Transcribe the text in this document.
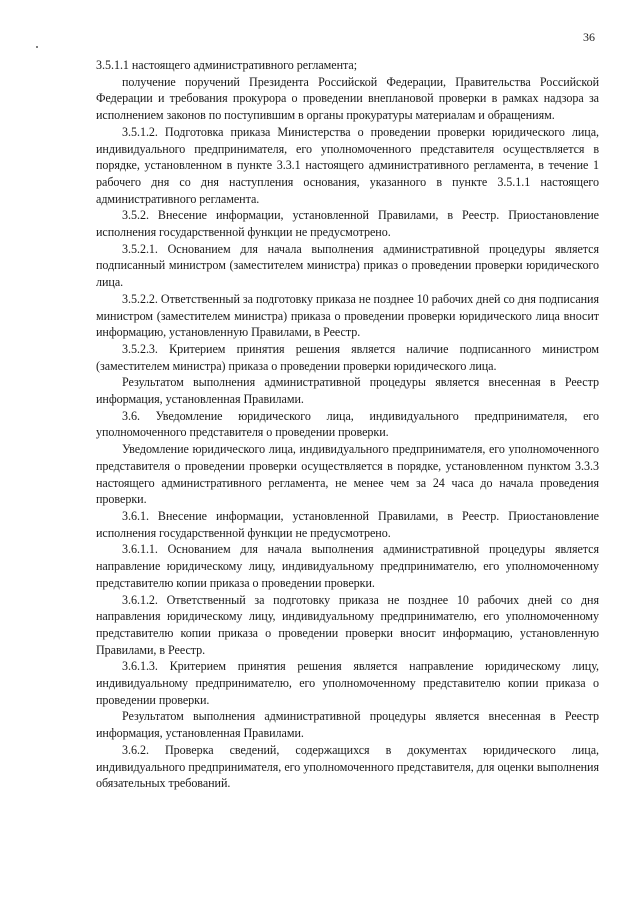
36

3.5.1.1 настоящего административного регламента;

получение поручений Президента Российской Федерации, Правительства Российской Федерации и требования прокурора о проведении внеплановой проверки в рамках надзора за исполнением законов по поступившим в органы прокуратуры материалам и обращениям.

3.5.1.2. Подготовка приказа Министерства о проведении проверки юридического лица, индивидуального предпринимателя, его уполномоченного представителя осуществляется в порядке, установленном в пункте 3.3.1 настоящего административного регламента, в течение 1 рабочего дня со дня наступления основания, указанного в пункте 3.5.1.1 настоящего административного регламента.

3.5.2. Внесение информации, установленной Правилами, в Реестр. Приостановление исполнения государственной функции не предусмотрено.

3.5.2.1. Основанием для начала выполнения административной процедуры является подписанный министром (заместителем министра) приказ о проведении проверки юридического лица.

3.5.2.2. Ответственный за подготовку приказа не позднее 10 рабочих дней со дня подписания министром (заместителем министра) приказа о проведении проверки юридического лица вносит информацию, установленную Правилами, в Реестр.

3.5.2.3. Критерием принятия решения является наличие подписанного министром (заместителем министра) приказа о проведении проверки юридического лица.

Результатом выполнения административной процедуры является внесенная в Реестр информация, установленная Правилами.

3.6. Уведомление юридического лица, индивидуального предпринимателя, его уполномоченного представителя о проведении проверки.

Уведомление юридического лица, индивидуального предпринимателя, его уполномоченного представителя о проведении проверки осуществляется в порядке, установленном пунктом 3.3.3 настоящего административного регламента, не менее чем за 24 часа до начала проведения проверки.

3.6.1. Внесение информации, установленной Правилами, в Реестр. Приостановление исполнения государственной функции не предусмотрено.

3.6.1.1. Основанием для начала выполнения административной процедуры является направление юридическому лицу, индивидуальному предпринимателю, его уполномоченному представителю копии приказа о проведении проверки.

3.6.1.2. Ответственный за подготовку приказа не позднее 10 рабочих дней со дня направления юридическому лицу, индивидуальному предпринимателю, его уполномоченному представителю копии приказа о проведении проверки вносит информацию, установленную Правилами, в Реестр.

3.6.1.3. Критерием принятия решения является направление юридическому лицу, индивидуальному предпринимателю, его уполномоченному представителю копии приказа о проведении проверки.

Результатом выполнения административной процедуры является внесенная в Реестр информация, установленная Правилами.

3.6.2. Проверка сведений, содержащихся в документах юридического лица, индивидуального предпринимателя, его уполномоченного представителя, для оценки выполнения обязательных требований.
